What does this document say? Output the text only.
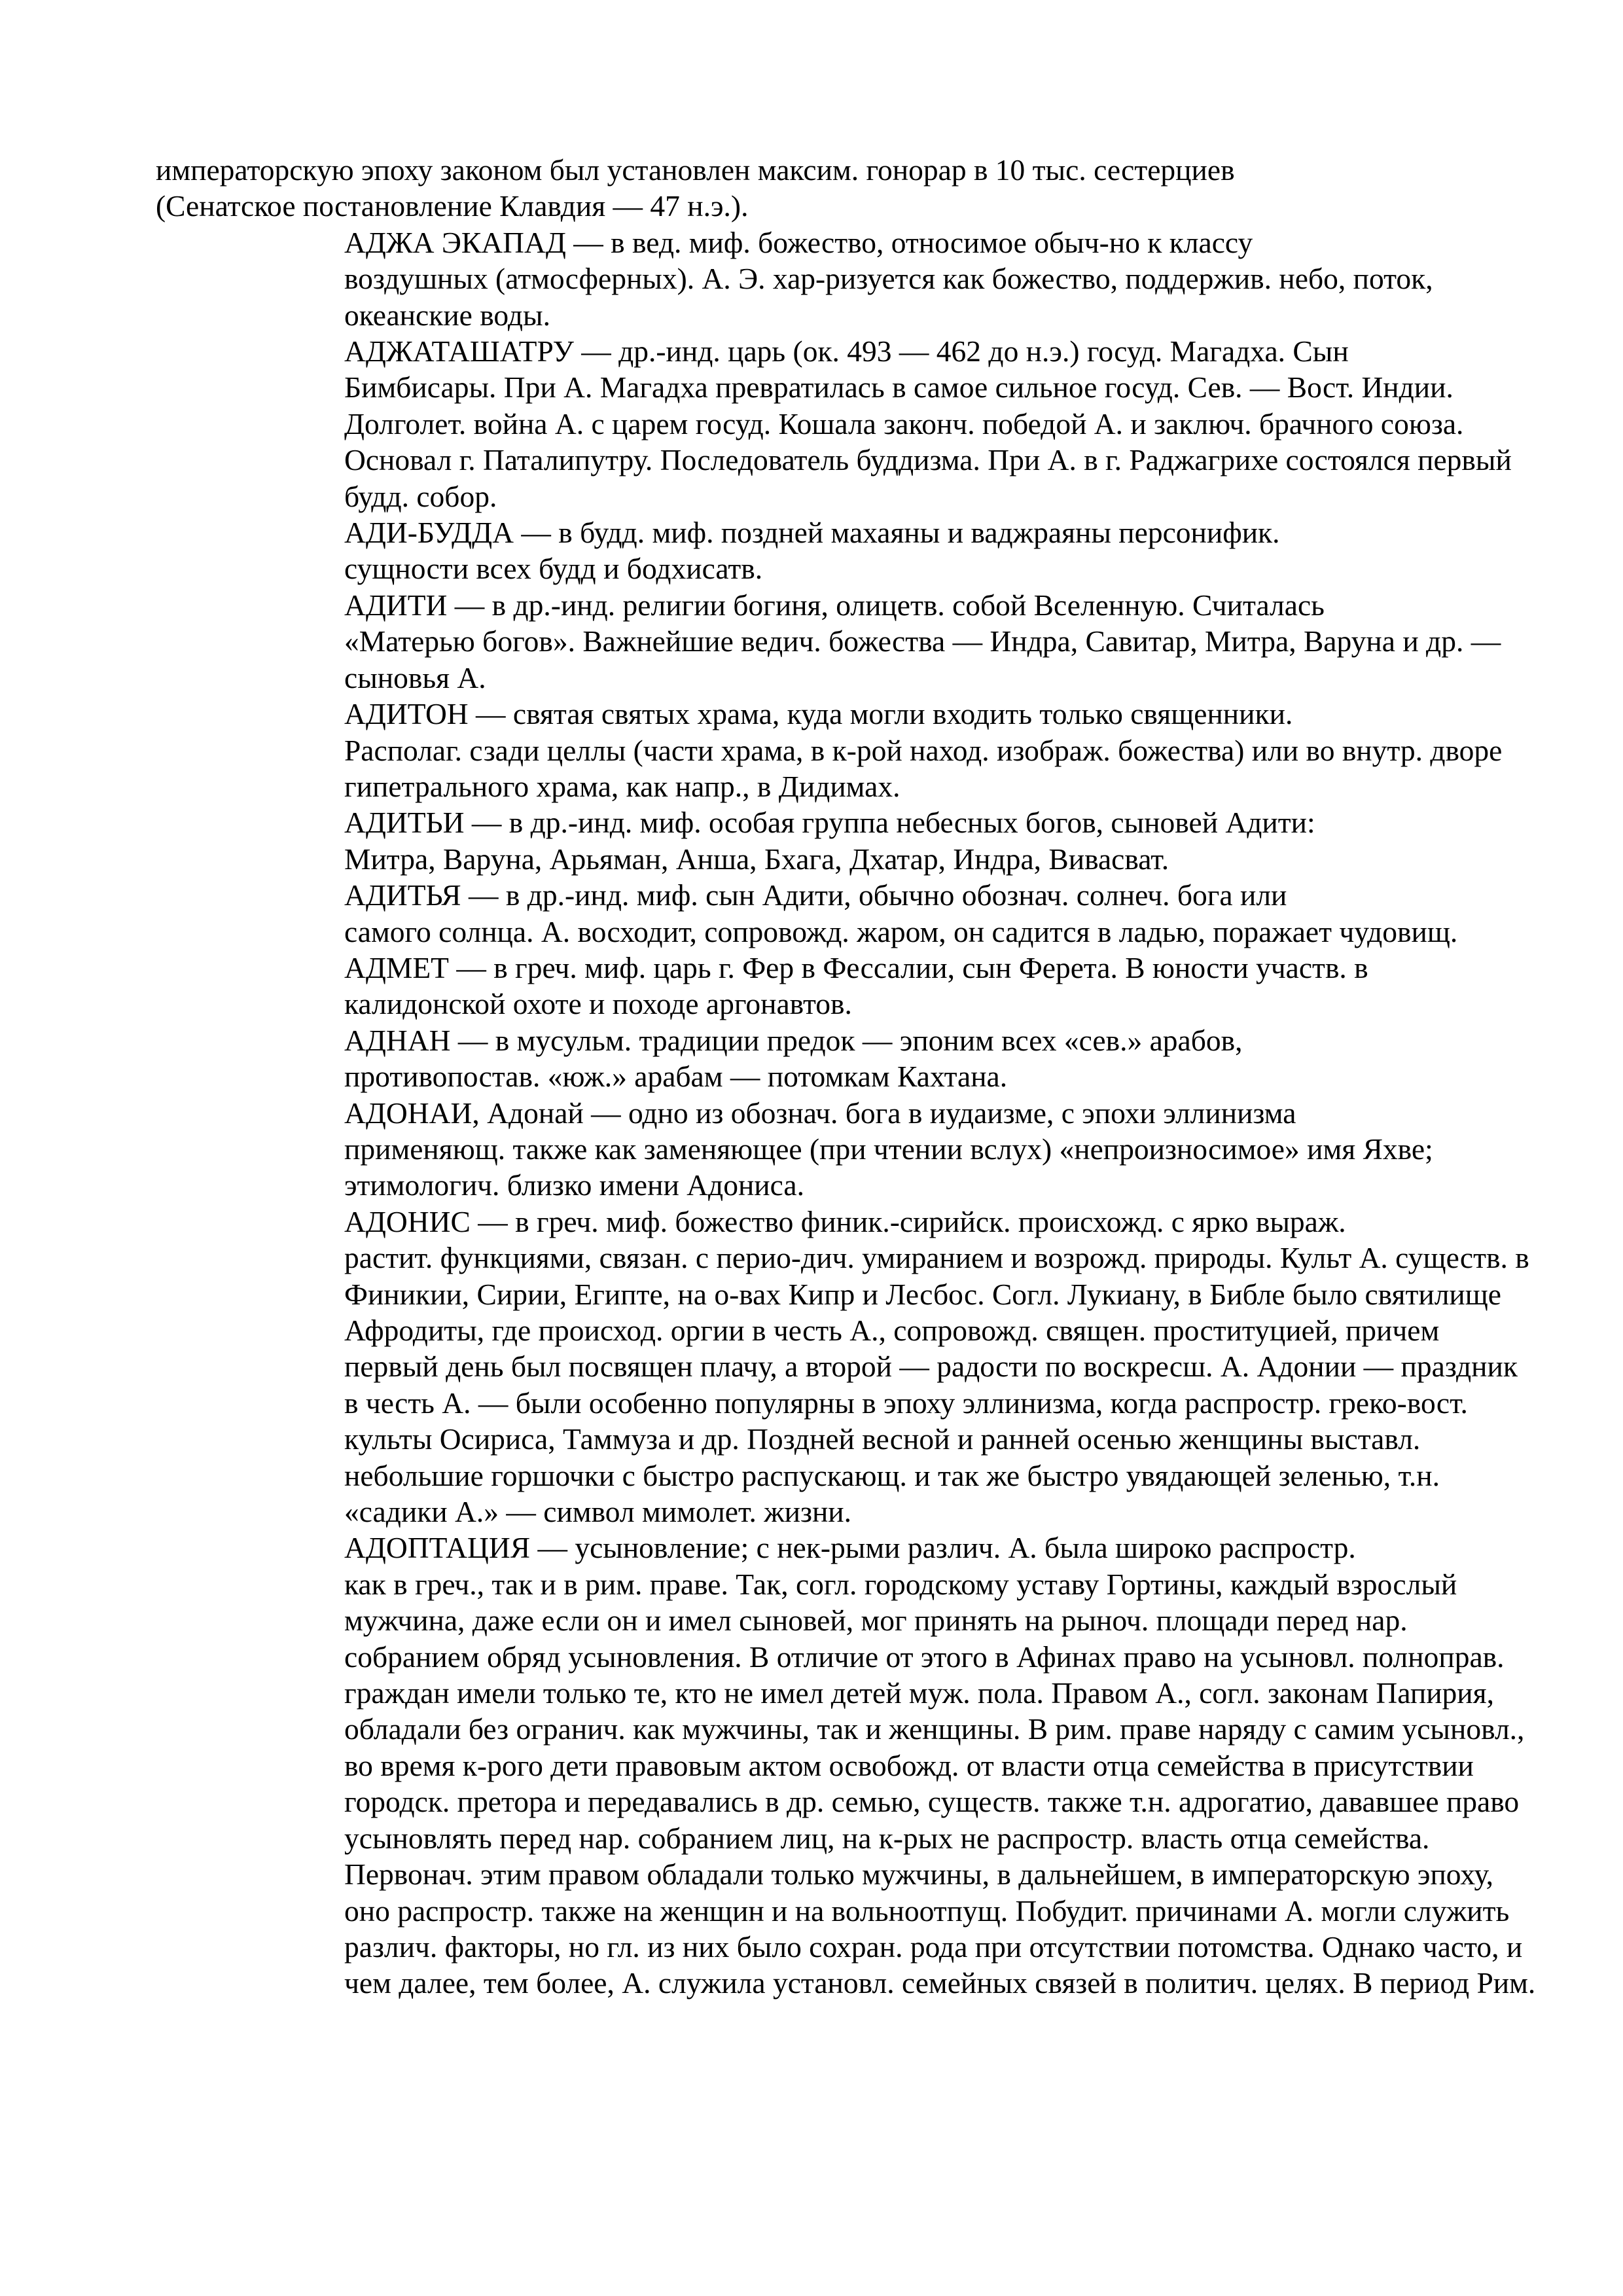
императорскую эпоху законом был установлен максим. гонорар в 10 тыс. сестерциев
(Сенатское постановление Клавдия — 47 н.э.).

АДЖА ЭКАПАД — в вед. миф. божество, относимое обыч-но к классу
воздушных (атмосферных). А. Э. хар-ризуется как божество, поддержив. небо, поток,
океанские воды.

АДЖАТАШАТРУ — др.-инд. царь (ок. 493 — 462 до н.э.) госуд. Магадха. Сын
Бимбисары. При А. Магадха превратилась в самое сильное госуд. Сев. — Вост. Индии.
Долголет. война А. с царем госуд. Кошала законч. победой А. и заключ. брачного союза.
Основал г. Паталипутру. Последователь буддизма. При А. в г. Раджагрихе состоялся первый
будд. собор.

АДИ-БУДДА — в будд. миф. поздней махаяны и ваджраяны персонифик.
сущности всех будд и бодхисатв.

АДИТИ — в др.-инд. религии богиня, олицетв. собой Вселенную. Считалась
«Матерью богов». Важнейшие ведич. божества — Индра, Савитар, Митра, Варуна и др. —
сыновья А.

АДИТОН — святая святых храма, куда могли входить только священники.
Располаг. сзади целлы (части храма, в к-рой наход. изображ. божества) или во внутр. дворе
гипетрального храма, как напр., в Дидимах.

АДИТЬИ — в др.-инд. миф. особая группа небесных богов, сыновей Адити:
Митра, Варуна, Арьяман, Анша, Бхага, Дхатар, Индра, Вивасват.

АДИТЬЯ — в др.-инд. миф. сын Адити, обычно обознач. солнеч. бога или
самого солнца. А. восходит, сопровожд. жаром, он садится в ладью, поражает чудовищ.

АДМЕТ — в греч. миф. царь г. Фер в Фессалии, сын Ферета. В юности участв. в
калидонской охоте и походе аргонавтов.

АДНАН — в мусульм. традиции предок — эпоним всех «сев.» арабов,
противопостав. «юж.» арабам — потомкам Кахтана.

АДОНАИ, Адонай — одно из обознач. бога в иудаизме, с эпохи эллинизма
применяющ. также как заменяющее (при чтении вслух) «непроизносимое» имя Яхве;
этимологич. близко имени Адониса.

АДОНИС — в греч. миф. божество финик.-сирийск. происхожд. с ярко выраж.
растит. функциями, связан. с перио-дич. умиранием и возрожд. природы. Культ А. существ. в
Финикии, Сирии, Египте, на о-вах Кипр и Лесбос. Согл. Лукиану, в Библе было святилище
Афродиты, где происход. оргии в честь А., сопровожд. священ. проституцией, причем
первый день был посвящен плачу, а второй — радости по воскресш. А. Адонии — праздник
в честь А. — были особенно популярны в эпоху эллинизма, когда распростр. греко-вост.
культы Осириса, Таммуза и др. Поздней весной и ранней осенью женщины выставл.
небольшие горшочки с быстро распускающ. и так же быстро увядающей зеленью, т.н.
«садики А.» — символ мимолет. жизни.

АДОПТАЦИЯ — усыновление; с нек-рыми различ. А. была широко распростр.
как в греч., так и в рим. праве. Так, согл. городскому уставу Гортины, каждый взрослый
мужчина, даже если он и имел сыновей, мог принять на рыноч. площади перед нар.
собранием обряд усыновления. В отличие от этого в Афинах право на усыновл. полноправ.
граждан имели только те, кто не имел детей муж. пола. Правом А., согл. законам Папирия,
обладали без огранич. как мужчины, так и женщины. В рим. праве наряду с самим усыновл.,
во время к-рого дети правовым актом освобожд. от власти отца семейства в присутствии
городск. претора и передавались в др. семью, существ. также т.н. адрогатио, дававшее право
усыновлять перед нар. собранием лиц, на к-рых не распростр. власть отца семейства.
Первонач. этим правом обладали только мужчины, в дальнейшем, в императорскую эпоху,
оно распростр. также на женщин и на вольноотпущ. Побудит. причинами А. могли служить
различ. факторы, но гл. из них было сохран. рода при отсутствии потомства. Однако часто, и
чем далее, тем более, А. служила установл. семейных связей в политич. целях. В период Рим.
